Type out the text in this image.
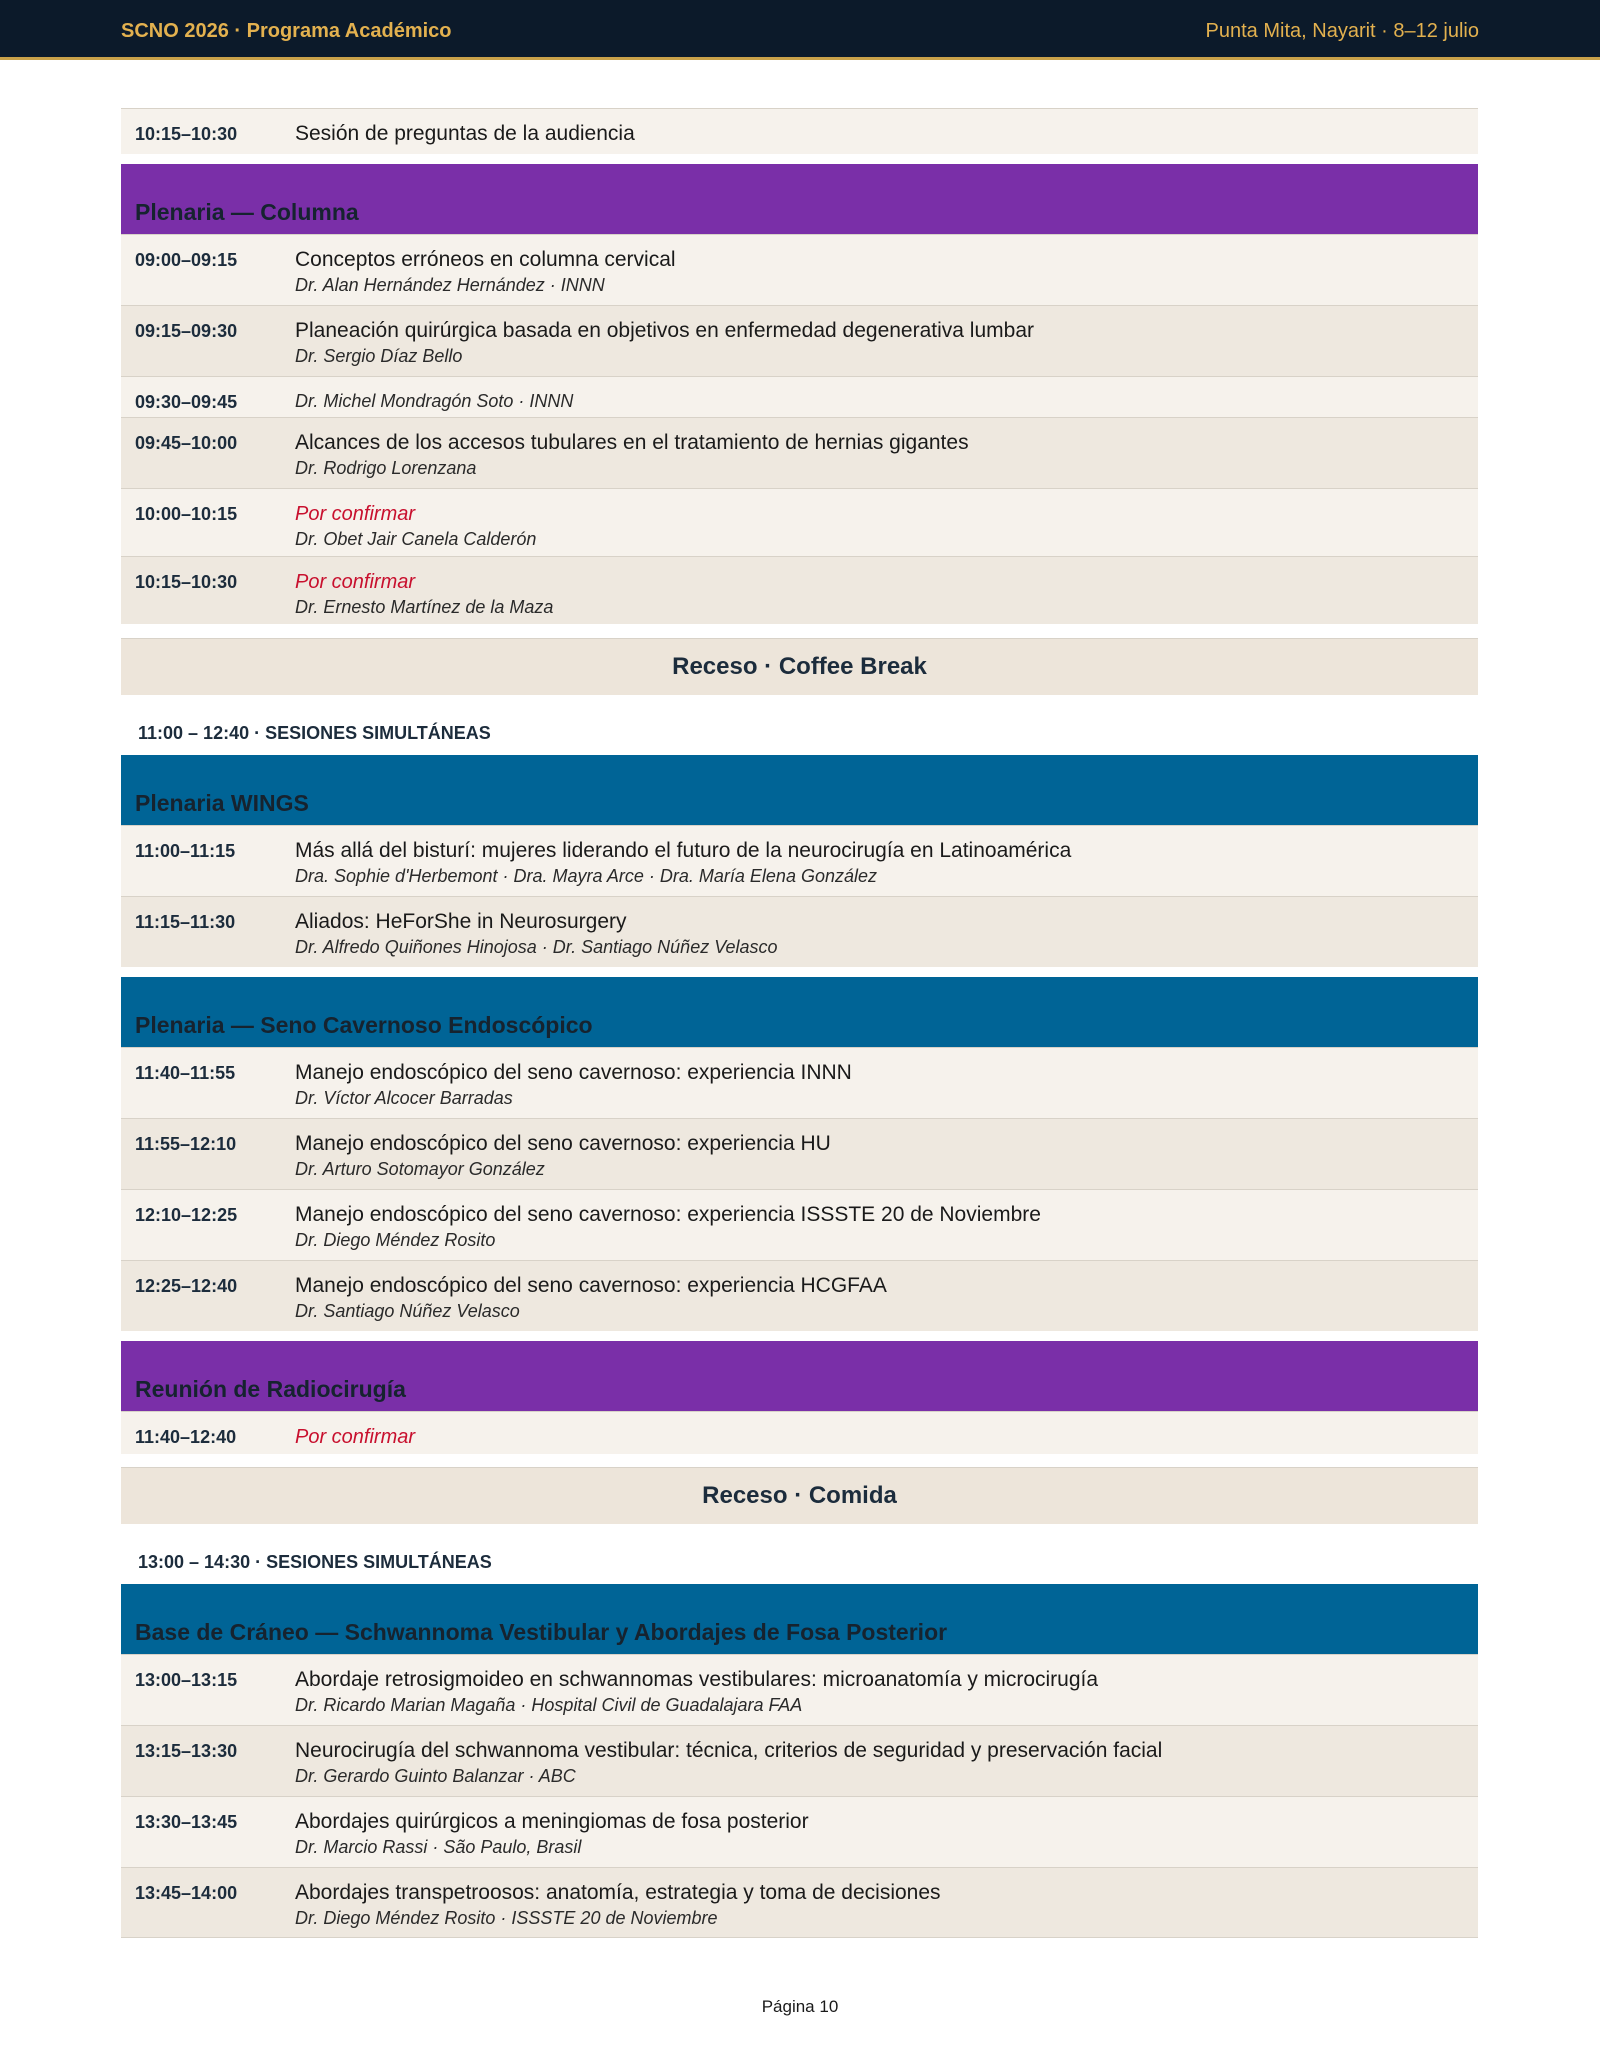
SCNO 2026 · Programa Académico	Punta Mita, Nayarit · 8–12 julio
10:15–10:30	Sesión de preguntas de la audiencia
Plenaria — Columna
09:00–09:15	Conceptos erróneos en columna cervical
Dr. Alan Hernández Hernández · INNN
09:15–09:30	Planeación quirúrgica basada en objetivos en enfermedad degenerativa lumbar
Dr. Sergio Díaz Bello
09:30–09:45	Dr. Michel Mondragón Soto · INNN
09:45–10:00	Alcances de los accesos tubulares en el tratamiento de hernias gigantes
Dr. Rodrigo Lorenzana
10:00–10:15	Por confirmar
Dr. Obet Jair Canela Calderón
10:15–10:30	Por confirmar
Dr. Ernesto Martínez de la Maza
Receso · Coffee Break
11:00 – 12:40 · SESIONES SIMULTÁNEAS
Plenaria WINGS
11:00–11:15	Más allá del bisturí: mujeres liderando el futuro de la neurocirugía en Latinoamérica
Dra. Sophie d'Herbemont · Dra. Mayra Arce · Dra. María Elena González
11:15–11:30	Aliados: HeForShe in Neurosurgery
Dr. Alfredo Quiñones Hinojosa · Dr. Santiago Núñez Velasco
Plenaria — Seno Cavernoso Endoscópico
11:40–11:55	Manejo endoscópico del seno cavernoso: experiencia INNN
Dr. Víctor Alcocer Barradas
11:55–12:10	Manejo endoscópico del seno cavernoso: experiencia HU
Dr. Arturo Sotomayor González
12:10–12:25	Manejo endoscópico del seno cavernoso: experiencia ISSSTE 20 de Noviembre
Dr. Diego Méndez Rosito
12:25–12:40	Manejo endoscópico del seno cavernoso: experiencia HCGFAA
Dr. Santiago Núñez Velasco
Reunión de Radiocirugía
11:40–12:40	Por confirmar
Receso · Comida
13:00 – 14:30 · SESIONES SIMULTÁNEAS
Base de Cráneo — Schwannoma Vestibular y Abordajes de Fosa Posterior
13:00–13:15	Abordaje retrosigmoideo en schwannomas vestibulares: microanatomía y microcirugía
Dr. Ricardo Marian Magaña · Hospital Civil de Guadalajara FAA
13:15–13:30	Neurocirugía del schwannoma vestibular: técnica, criterios de seguridad y preservación facial
Dr. Gerardo Guinto Balanzar · ABC
13:30–13:45	Abordajes quirúrgicos a meningiomas de fosa posterior
Dr. Marcio Rassi · São Paulo, Brasil
13:45–14:00	Abordajes transpetroosos: anatomía, estrategia y toma de decisiones
Dr. Diego Méndez Rosito · ISSSTE 20 de Noviembre
Página 10
